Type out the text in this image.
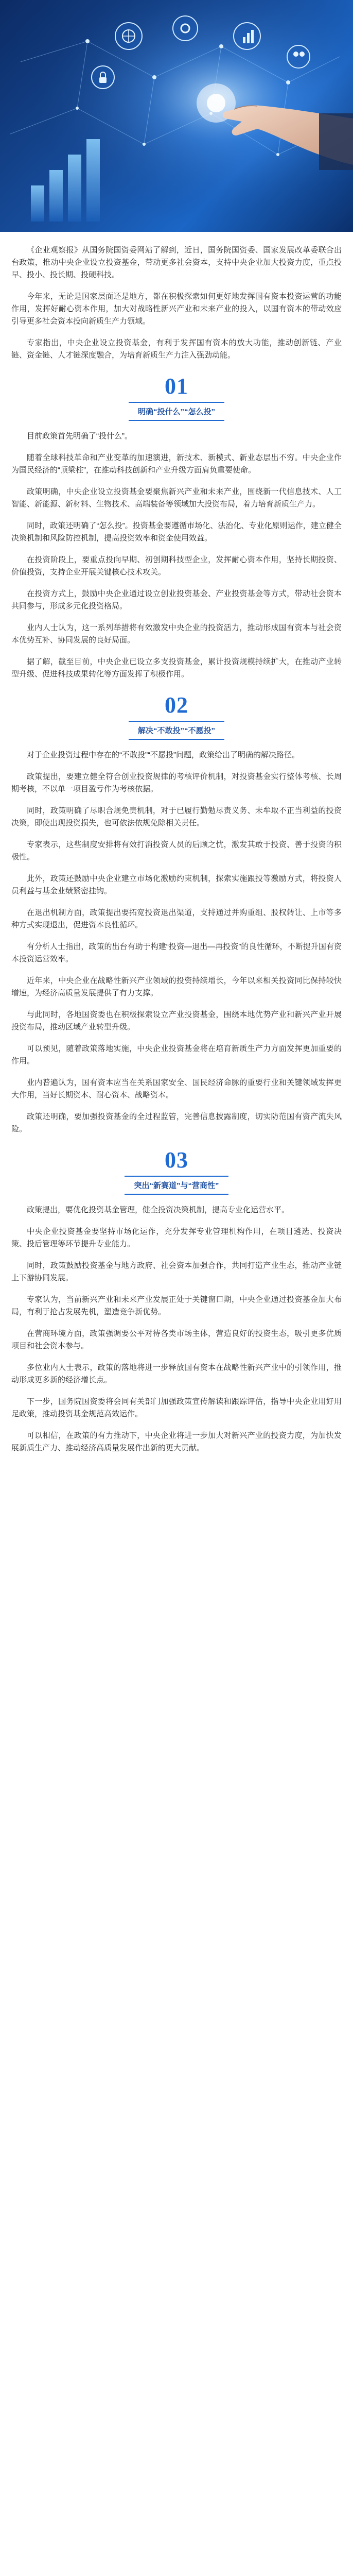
《企业观察报》从国务院国资委网站了解到，近日，国务院国资委、国家发展改革委联合出台政策，推动中央企业设立投资基金，带动更多社会资本，支持中央企业加大投资力度，重点投早、投小、投长期、投硬科技。

今年来，无论是国家层面还是地方，都在积极探索如何更好地发挥国有资本投资运营的功能作用，发挥好耐心资本作用，加大对战略性新兴产业和未来产业的投入，以国有资本的带动效应引导更多社会资本投向新质生产力领域。

专家指出，中央企业设立投资基金，有利于发挥国有资本的放大功能，推动创新链、产业链、资金链、人才链深度融合，为培育新质生产力注入强劲动能。

01
明确“投什么”“怎么投”

目前政策首先明确了“投什么”。

随着全球科技革命和产业变革的加速演进，新技术、新模式、新业态层出不穷。中央企业作为国民经济的“顶梁柱”，在推动科技创新和产业升级方面肩负重要使命。

政策明确，中央企业设立投资基金要聚焦新兴产业和未来产业，围绕新一代信息技术、人工智能、新能源、新材料、生物技术、高端装备等领域加大投资布局，着力培育新质生产力。

同时，政策还明确了“怎么投”。投资基金要遵循市场化、法治化、专业化原则运作，建立健全决策机制和风险防控机制，提高投资效率和资金使用效益。

在投资阶段上，要重点投向早期、初创期科技型企业，发挥耐心资本作用，坚持长期投资、价值投资，支持企业开展关键核心技术攻关。

在投资方式上，鼓励中央企业通过设立创业投资基金、产业投资基金等方式，带动社会资本共同参与，形成多元化投资格局。

业内人士认为，这一系列举措将有效激发中央企业的投资活力，推动形成国有资本与社会资本优势互补、协同发展的良好局面。

据了解，截至目前，中央企业已设立多支投资基金，累计投资规模持续扩大，在推动产业转型升级、促进科技成果转化等方面发挥了积极作用。

02
解决“不敢投”“不愿投”

对于企业投资过程中存在的“不敢投”“不愿投”问题，政策给出了明确的解决路径。

政策提出，要建立健全符合创业投资规律的考核评价机制，对投资基金实行整体考核、长周期考核，不以单一项目盈亏作为考核依据。

同时，政策明确了尽职合规免责机制，对于已履行勤勉尽责义务、未牟取不正当利益的投资决策，即使出现投资损失，也可依法依规免除相关责任。

专家表示，这些制度安排将有效打消投资人员的后顾之忧，激发其敢于投资、善于投资的积极性。

此外，政策还鼓励中央企业建立市场化激励约束机制，探索实施跟投等激励方式，将投资人员利益与基金业绩紧密挂钩。

在退出机制方面，政策提出要拓宽投资退出渠道，支持通过并购重组、股权转让、上市等多种方式实现退出，促进资本良性循环。

有分析人士指出，政策的出台有助于构建“投资—退出—再投资”的良性循环，不断提升国有资本投资运营效率。

近年来，中央企业在战略性新兴产业领域的投资持续增长，今年以来相关投资同比保持较快增速，为经济高质量发展提供了有力支撑。

与此同时，各地国资委也在积极探索设立产业投资基金，围绕本地优势产业和新兴产业开展投资布局，推动区域产业转型升级。

可以预见，随着政策落地实施，中央企业投资基金将在培育新质生产力方面发挥更加重要的作用。

业内普遍认为，国有资本应当在关系国家安全、国民经济命脉的重要行业和关键领域发挥更大作用，当好长期资本、耐心资本、战略资本。

政策还明确，要加强投资基金的全过程监管，完善信息披露制度，切实防范国有资产流失风险。

03
突出“新赛道”与“营商性”

政策提出，要优化投资基金管理，健全投资决策机制，提高专业化运营水平。

中央企业投资基金要坚持市场化运作，充分发挥专业管理机构作用，在项目遴选、投资决策、投后管理等环节提升专业能力。

同时，政策鼓励投资基金与地方政府、社会资本加强合作，共同打造产业生态，推动产业链上下游协同发展。

专家认为，当前新兴产业和未来产业发展正处于关键窗口期，中央企业通过投资基金加大布局，有利于抢占发展先机，塑造竞争新优势。

在营商环境方面，政策强调要公平对待各类市场主体，营造良好的投资生态，吸引更多优质项目和社会资本参与。

多位业内人士表示，政策的落地将进一步释放国有资本在战略性新兴产业中的引领作用，推动形成更多新的经济增长点。

下一步，国务院国资委将会同有关部门加强政策宣传解读和跟踪评估，指导中央企业用好用足政策，推动投资基金规范高效运作。

可以相信，在政策的有力推动下，中央企业将进一步加大对新兴产业的投资力度，为加快发展新质生产力、推动经济高质量发展作出新的更大贡献。
